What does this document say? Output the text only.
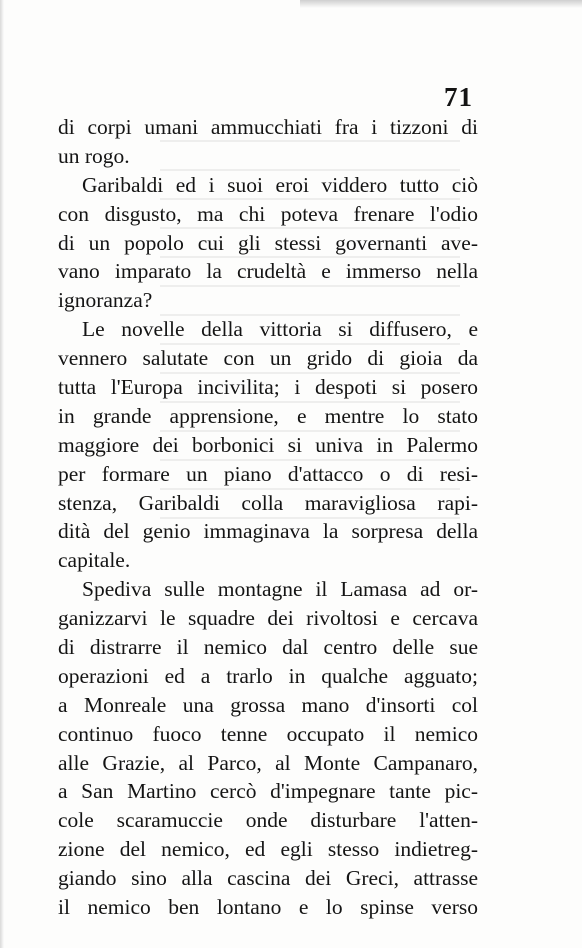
71
di corpi umani ammucchiati fra i tizzoni di
un rogo.
Garibaldi ed i suoi eroi viddero tutto ciò
con disgusto, ma chi poteva frenare l'odio
di un popolo cui gli stessi governanti ave-
vano imparato la crudeltà e immerso nella
ignoranza?
Le novelle della vittoria si diffusero, e
vennero salutate con un grido di gioia da
tutta l'Europa incivilita; i despoti si posero
in grande apprensione, e mentre lo stato
maggiore dei borbonici si univa in Palermo
per formare un piano d'attacco o di resi-
stenza, Garibaldi colla maravigliosa rapi-
dità del genio immaginava la sorpresa della
capitale.
Spediva sulle montagne il Lamasa ad or-
ganizzarvi le squadre dei rivoltosi e cercava
di distrarre il nemico dal centro delle sue
operazioni ed a trarlo in qualche agguato;
a Monreale una grossa mano d'insorti col
continuo fuoco tenne occupato il nemico
alle Grazie, al Parco, al Monte Campanaro,
a San Martino cercò d'impegnare tante pic-
cole scaramuccie onde disturbare l'atten-
zione del nemico, ed egli stesso indietreg-
giando sino alla cascina dei Greci, attrasse
il nemico ben lontano e lo spinse verso
